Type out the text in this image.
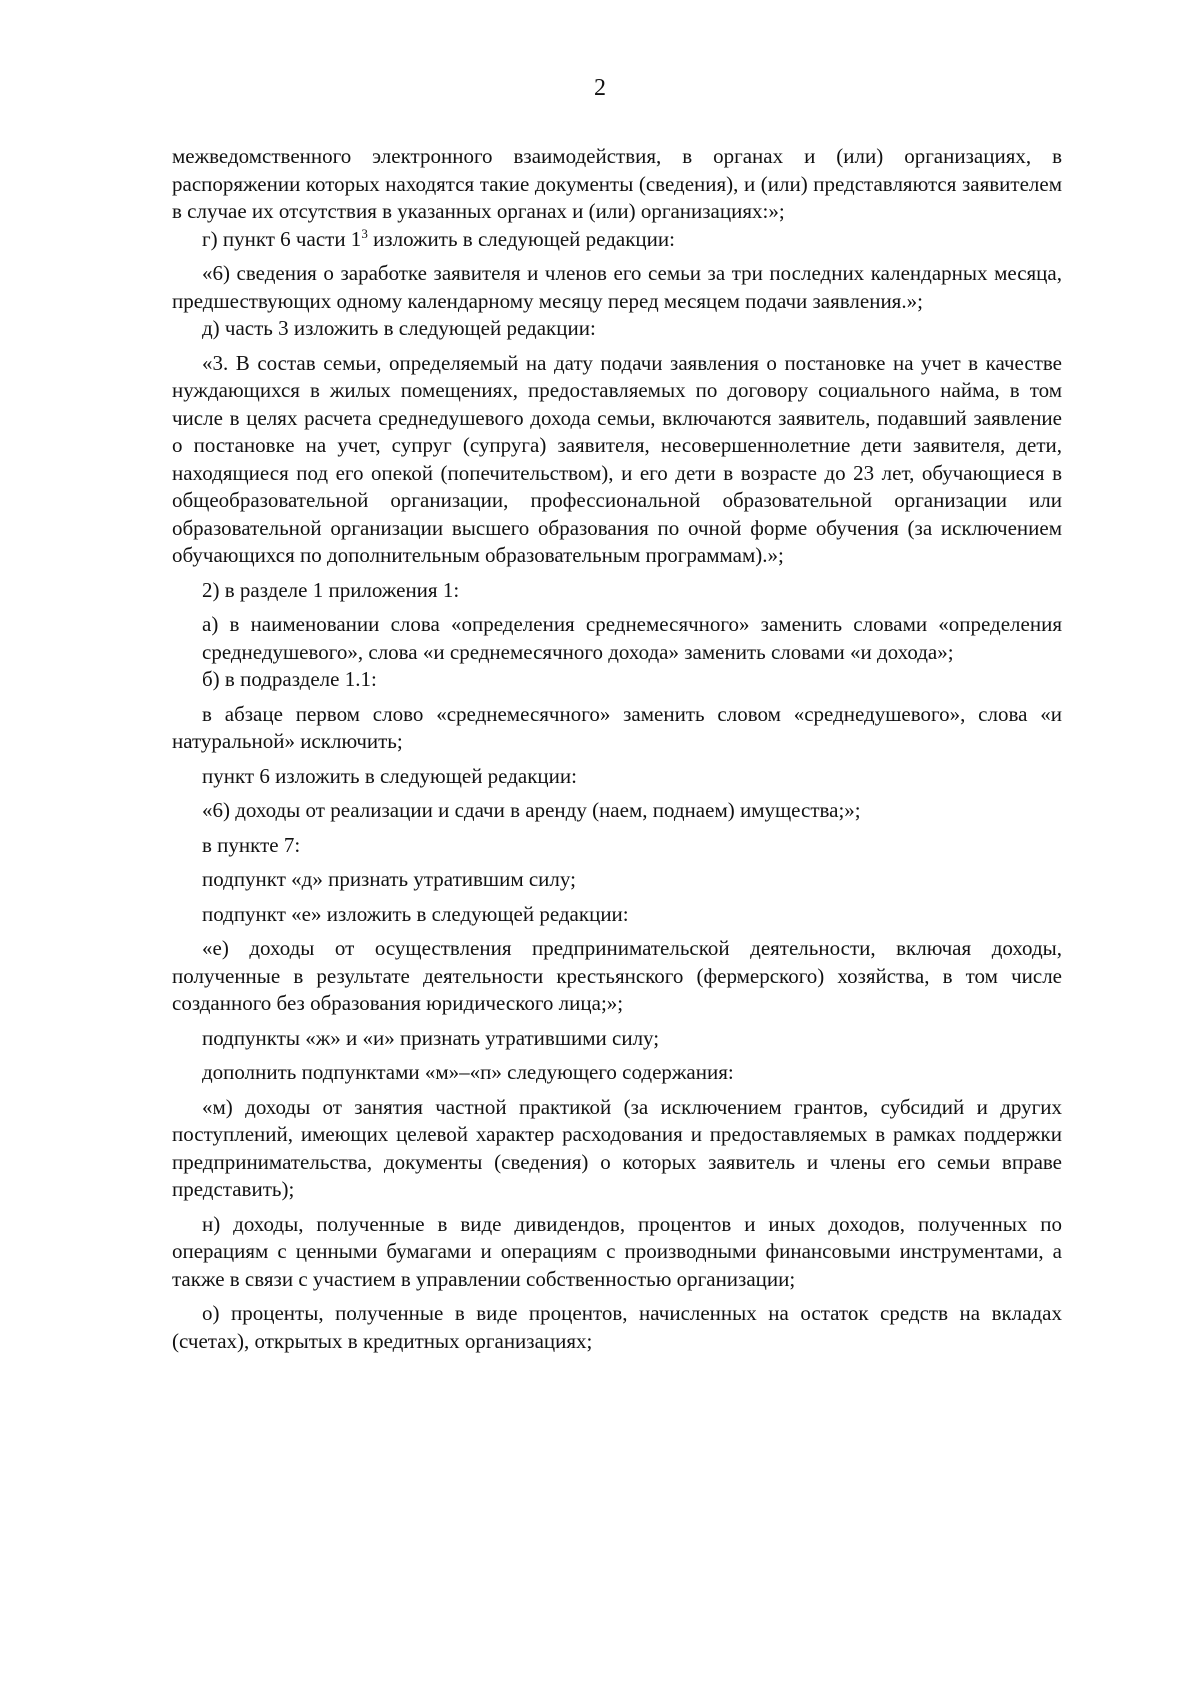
2

межведомственного электронного взаимодействия, в органах и (или) организациях, в распоряжении которых находятся такие документы (сведения), и (или) представляются заявителем в случае их отсутствия в указанных органах и (или) организациях:»;

г) пункт 6 части $1^3$ изложить в следующей редакции:

«6) сведения о заработке заявителя и членов его семьи за три последних календарных месяца, предшествующих одному календарному месяцу перед месяцем подачи заявления.»;

д) часть 3 изложить в следующей редакции:

«3. В состав семьи, определяемый на дату подачи заявления о постановке на учет в качестве нуждающихся в жилых помещениях, предоставляемых по договору социального найма, в том числе в целях расчета среднедушевого дохода семьи, включаются заявитель, подавший заявление о постановке на учет, супруг (супруга) заявителя, несовершеннолетние дети заявителя, дети, находящиеся под его опекой (попечительством), и его дети в возрасте до 23 лет, обучающиеся в общеобразовательной организации, профессиональной образовательной организации или образовательной организации высшего образования по очной форме обучения (за исключением обучающихся по дополнительным образовательным программам).»;

2) в разделе 1 приложения 1:

а) в наименовании слова «определения среднемесячного» заменить словами «определения среднедушевого», слова «и среднемесячного дохода» заменить словами «и дохода»;

б) в подразделе 1.1:

в абзаце первом слово «среднемесячного» заменить словом «среднедушевого», слова «и натуральной» исключить;

пункт 6 изложить в следующей редакции:

«6) доходы от реализации и сдачи в аренду (наем, поднаем) имущества;»;

в пункте 7:

подпункт «д» признать утратившим силу;

подпункт «е» изложить в следующей редакции:

«е) доходы от осуществления предпринимательской деятельности, включая доходы, полученные в результате деятельности крестьянского (фермерского) хозяйства, в том числе созданного без образования юридического лица;»;

подпункты «ж» и «и» признать утратившими силу;

дополнить подпунктами «м»–«п» следующего содержания:

«м) доходы от занятия частной практикой (за исключением грантов, субсидий и других поступлений, имеющих целевой характер расходования и предоставляемых в рамках поддержки предпринимательства, документы (сведения) о которых заявитель и члены его семьи вправе представить);

н) доходы, полученные в виде дивидендов, процентов и иных доходов, полученных по операциям с ценными бумагами и операциям с производными финансовыми инструментами, а также в связи с участием в управлении собственностью организации;

о) проценты, полученные в виде процентов, начисленных на остаток средств на вкладах (счетах), открытых в кредитных организациях;
